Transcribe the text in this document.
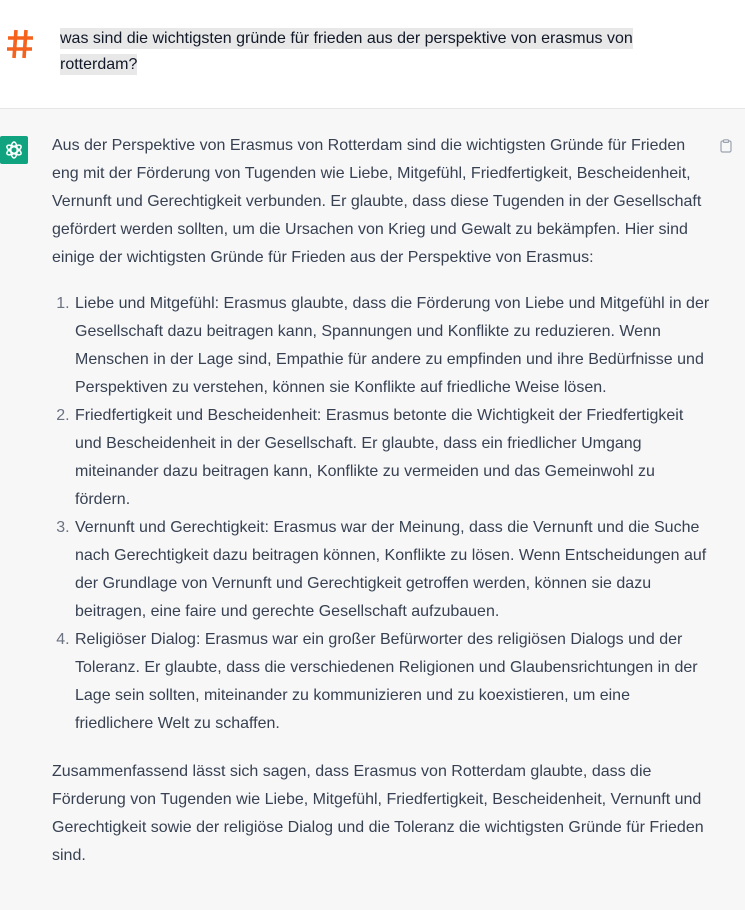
was sind die wichtigsten gründe für frieden aus der perspektive von erasmus von rotterdam?

Aus der Perspektive von Erasmus von Rotterdam sind die wichtigsten Gründe für Frieden eng mit der Förderung von Tugenden wie Liebe, Mitgefühl, Friedfertigkeit, Bescheidenheit, Vernunft und Gerechtigkeit verbunden. Er glaubte, dass diese Tugenden in der Gesellschaft gefördert werden sollten, um die Ursachen von Krieg und Gewalt zu bekämpfen. Hier sind einige der wichtigsten Gründe für Frieden aus der Perspektive von Erasmus:

1. Liebe und Mitgefühl: Erasmus glaubte, dass die Förderung von Liebe und Mitgefühl in der Gesellschaft dazu beitragen kann, Spannungen und Konflikte zu reduzieren. Wenn Menschen in der Lage sind, Empathie für andere zu empfinden und ihre Bedürfnisse und Perspektiven zu verstehen, können sie Konflikte auf friedliche Weise lösen.
2. Friedfertigkeit und Bescheidenheit: Erasmus betonte die Wichtigkeit der Friedfertigkeit und Bescheidenheit in der Gesellschaft. Er glaubte, dass ein friedlicher Umgang miteinander dazu beitragen kann, Konflikte zu vermeiden und das Gemeinwohl zu fördern.
3. Vernunft und Gerechtigkeit: Erasmus war der Meinung, dass die Vernunft und die Suche nach Gerechtigkeit dazu beitragen können, Konflikte zu lösen. Wenn Entscheidungen auf der Grundlage von Vernunft und Gerechtigkeit getroffen werden, können sie dazu beitragen, eine faire und gerechte Gesellschaft aufzubauen.
4. Religiöser Dialog: Erasmus war ein großer Befürworter des religiösen Dialogs und der Toleranz. Er glaubte, dass die verschiedenen Religionen und Glaubensrichtungen in der Lage sein sollten, miteinander zu kommunizieren und zu koexistieren, um eine friedlichere Welt zu schaffen.

Zusammenfassend lässt sich sagen, dass Erasmus von Rotterdam glaubte, dass die Förderung von Tugenden wie Liebe, Mitgefühl, Friedfertigkeit, Bescheidenheit, Vernunft und Gerechtigkeit sowie der religiöse Dialog und die Toleranz die wichtigsten Gründe für Frieden sind.
